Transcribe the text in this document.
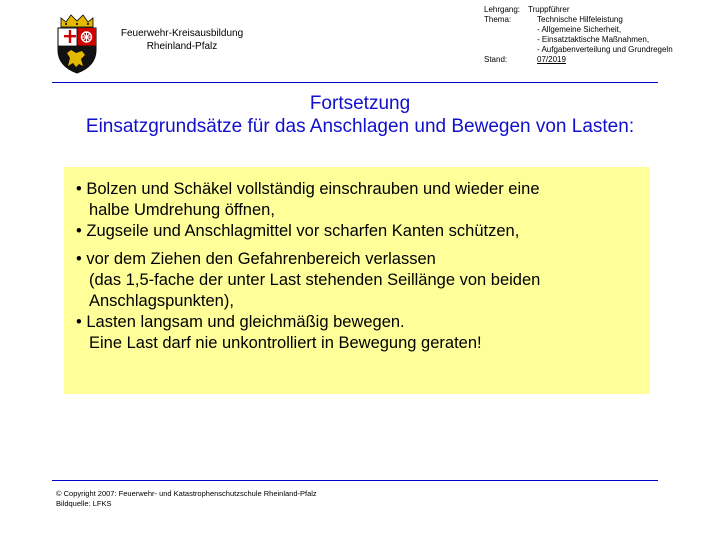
Feuerwehr-Kreisausbildung
Rheinland-Pfalz
Lehrgang: Truppführer
Thema:	Technische Hilfeleistung
- Allgemeine Sicherheit,
- Einsatztaktische Maßnahmen,
- Aufgabenverteilung und Grundregeln
Stand:	07/2019
Fortsetzung
Einsatzgrundsätze für das Anschlagen und Bewegen von Lasten:
• Bolzen und Schäkel vollständig einschrauben und wieder eine
halbe Umdrehung öffnen,
• Zugseile und Anschlagmittel vor scharfen Kanten schützen,
• vor dem Ziehen den Gefahrenbereich verlassen
(das 1,5-fache der unter Last stehenden Seillänge von beiden
Anschlagspunkten),
• Lasten langsam und gleichmäßig bewegen.
Eine Last darf nie unkontrolliert in Bewegung geraten!
© Copyright 2007: Feuerwehr- und Katastrophenschutzschule Rheinland-Pfalz
Bildquelle: LFKS
